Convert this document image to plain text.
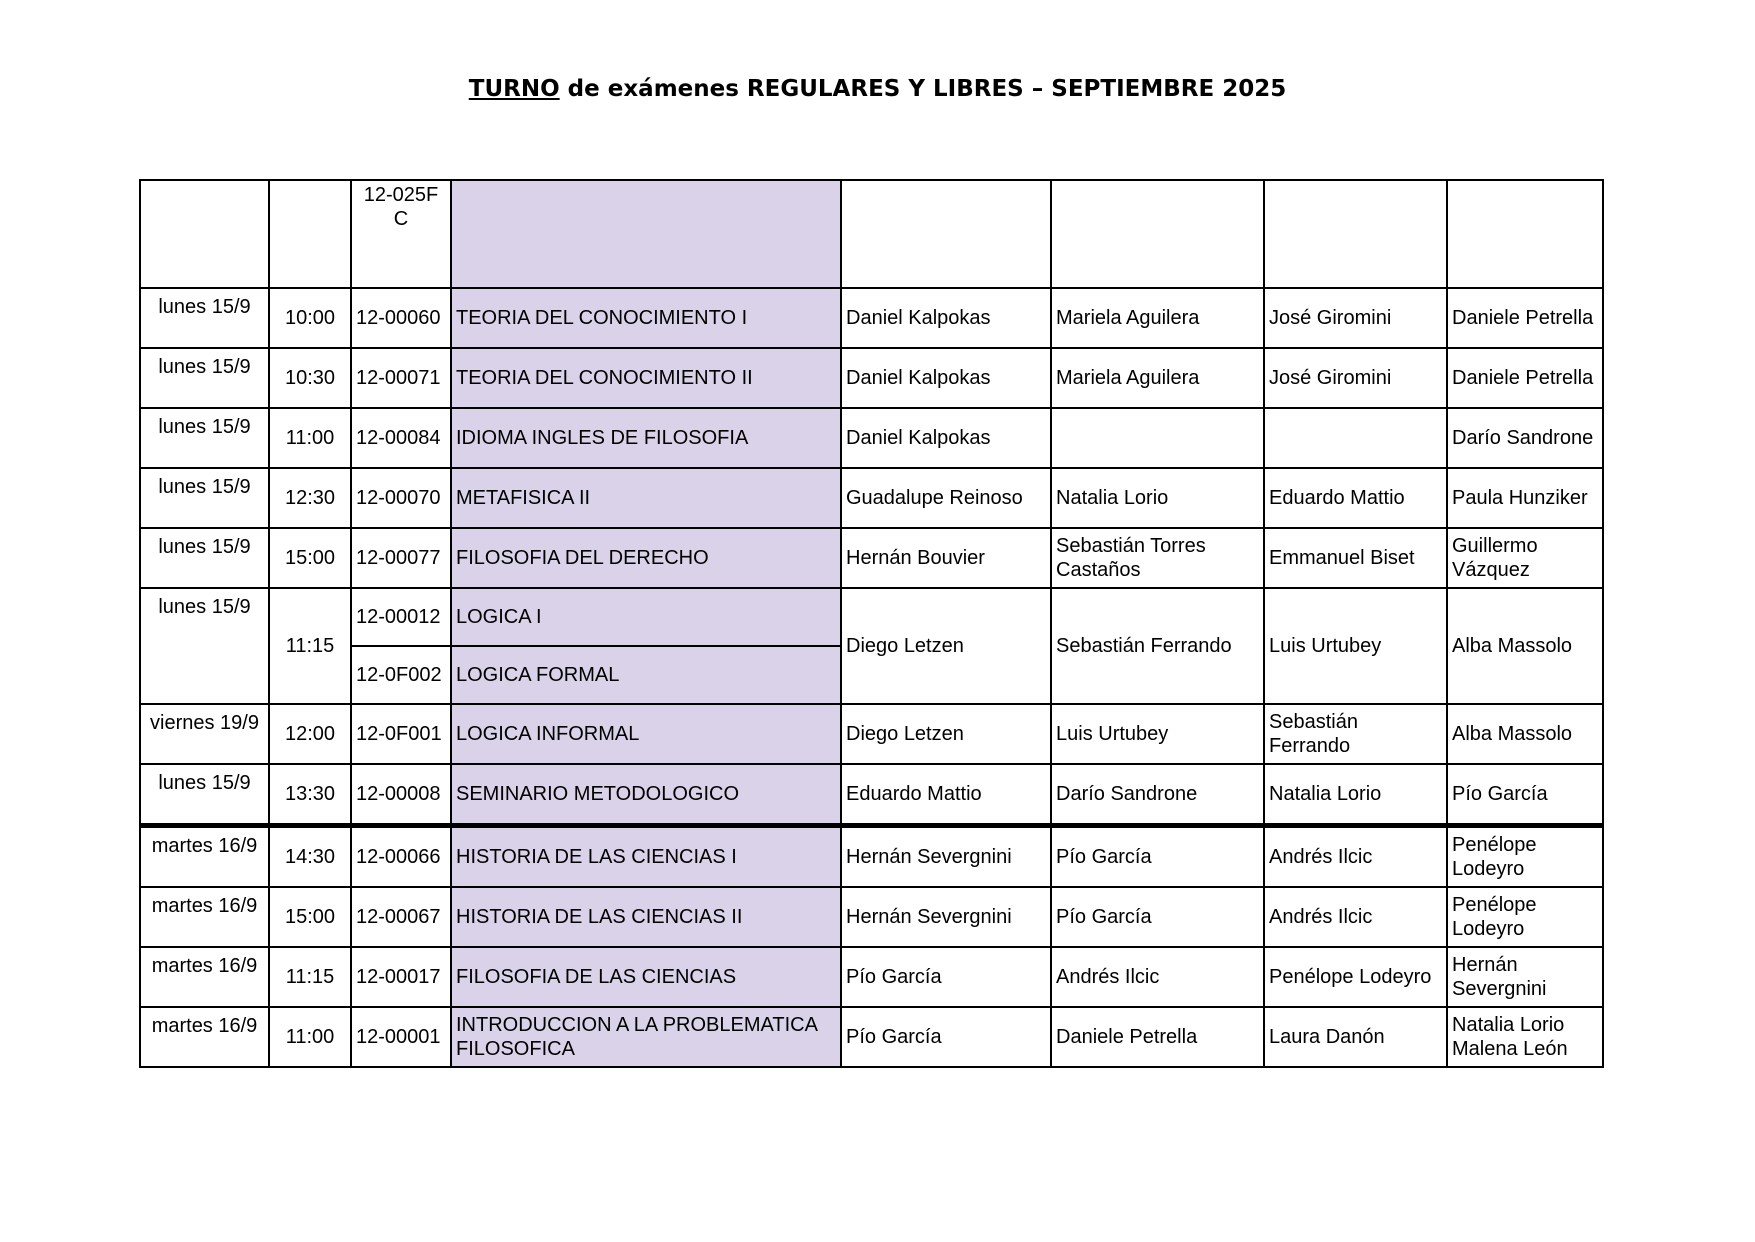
TURNO de exámenes REGULARES Y LIBRES – SEPTIEMBRE 2025
		12-025F C					
lunes 15/9	10:00	12-00060	TEORIA DEL CONOCIMIENTO I	Daniel Kalpokas	Mariela Aguilera	José Giromini	Daniele Petrella
lunes 15/9	10:30	12-00071	TEORIA DEL CONOCIMIENTO II	Daniel Kalpokas	Mariela Aguilera	José Giromini	Daniele Petrella
lunes 15/9	11:00	12-00084	IDIOMA INGLES DE FILOSOFIA	Daniel Kalpokas			Darío Sandrone
lunes 15/9	12:30	12-00070	METAFISICA II	Guadalupe Reinoso	Natalia Lorio	Eduardo Mattio	Paula Hunziker
lunes 15/9	15:00	12-00077	FILOSOFIA DEL DERECHO	Hernán Bouvier	Sebastián Torres Castaños	Emmanuel Biset	Guillermo Vázquez
lunes 15/9	11:15	12-00012	LOGICA I	Diego Letzen	Sebastián Ferrando	Luis Urtubey	Alba Massolo
		12-0F002	LOGICA FORMAL				
viernes 19/9	12:00	12-0F001	LOGICA INFORMAL	Diego Letzen	Luis Urtubey	Sebastián Ferrando	Alba Massolo
lunes 15/9	13:30	12-00008	SEMINARIO METODOLOGICO	Eduardo Mattio	Darío Sandrone	Natalia Lorio	Pío García
martes 16/9	14:30	12-00066	HISTORIA DE LAS CIENCIAS I	Hernán Severgnini	Pío García	Andrés Ilcic	Penélope Lodeyro
martes 16/9	15:00	12-00067	HISTORIA DE LAS CIENCIAS II	Hernán Severgnini	Pío García	Andrés Ilcic	Penélope Lodeyro
martes 16/9	11:15	12-00017	FILOSOFIA DE LAS CIENCIAS	Pío García	Andrés Ilcic	Penélope Lodeyro	Hernán Severgnini
martes 16/9	11:00	12-00001	INTRODUCCION A LA PROBLEMATICA FILOSOFICA	Pío García	Daniele Petrella	Laura Danón	Natalia Lorio Malena León
